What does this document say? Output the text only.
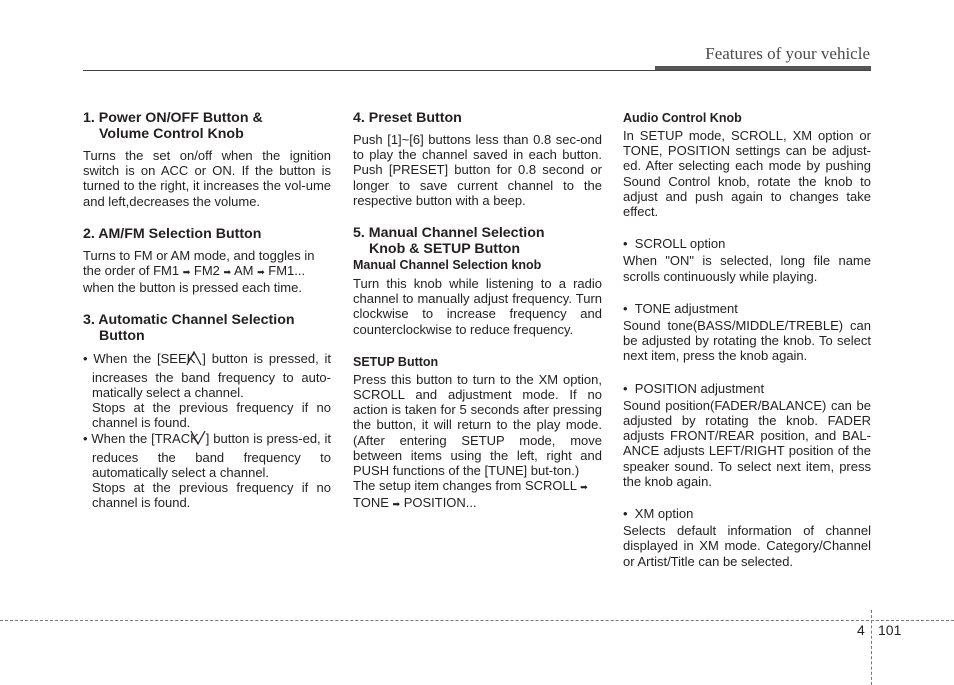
Features of your vehicle
1. Power ON/OFF Button &
Volume Control Knob

Turns the set on/off when the ignition switch is on ACC or ON. If the button is turned to the right, it increases the vol-ume and left,decreases the volume.

2. AM/FM Selection Button

Turns to FM or AM mode, and toggles in
the order of FM1 ➡ FM2 ➡ AM ➡ FM1...
when the button is pressed each time.

3. Automatic Channel Selection
Button

• When the [SEEK ] button is pressed, it increases the band frequency to auto-matically select a channel.

Stops at the previous frequency if no channel is found.

• When the [TRACK ] button is press-ed, it reduces the band frequency to automatically select a channel.

Stops at the previous frequency if no channel is found.

4. Preset Button

Push [1]~[6] buttons less than 0.8 sec-ond to play the channel saved in each button. Push [PRESET] button for 0.8 second or longer to save current channel to the respective button with a beep.

5. Manual Channel Selection
Knob & SETUP Button
Manual Channel Selection knob

Turn this knob while listening to a radio channel to manually adjust frequency. Turn clockwise to increase frequency and counterclockwise to reduce frequency.

SETUP Button

Press this button to turn to the XM option, SCROLL and adjustment mode. If no action is taken for 5 seconds after pressing the button, it will return to the play mode.(After entering SETUP mode, move between items using the left, right and PUSH functions of the [TUNE] but-ton.)

The setup item changes from SCROLL ➡
TONE ➡ POSITION...

Audio Control Knob

In SETUP mode, SCROLL, XM option or TONE, POSITION settings can be adjust-ed. After selecting each mode by pushing Sound Control knob, rotate the knob to adjust and push again to changes take effect.

•  SCROLL option

When "ON" is selected, long file name scrolls continuously while playing.

•  TONE adjustment

Sound tone(BASS/MIDDLE/TREBLE) can be adjusted by rotating the knob. To select next item, press the knob again.

•  POSITION adjustment

Sound position(FADER/BALANCE) can be adjusted by rotating the knob. FADER adjusts FRONT/REAR position, and BAL-ANCE adjusts LEFT/RIGHT position of the speaker sound. To select next item, press the knob again.

•  XM option

Selects default information of channel displayed in XM mode. Category/Channel or Artist/Title can be selected.

4 101
